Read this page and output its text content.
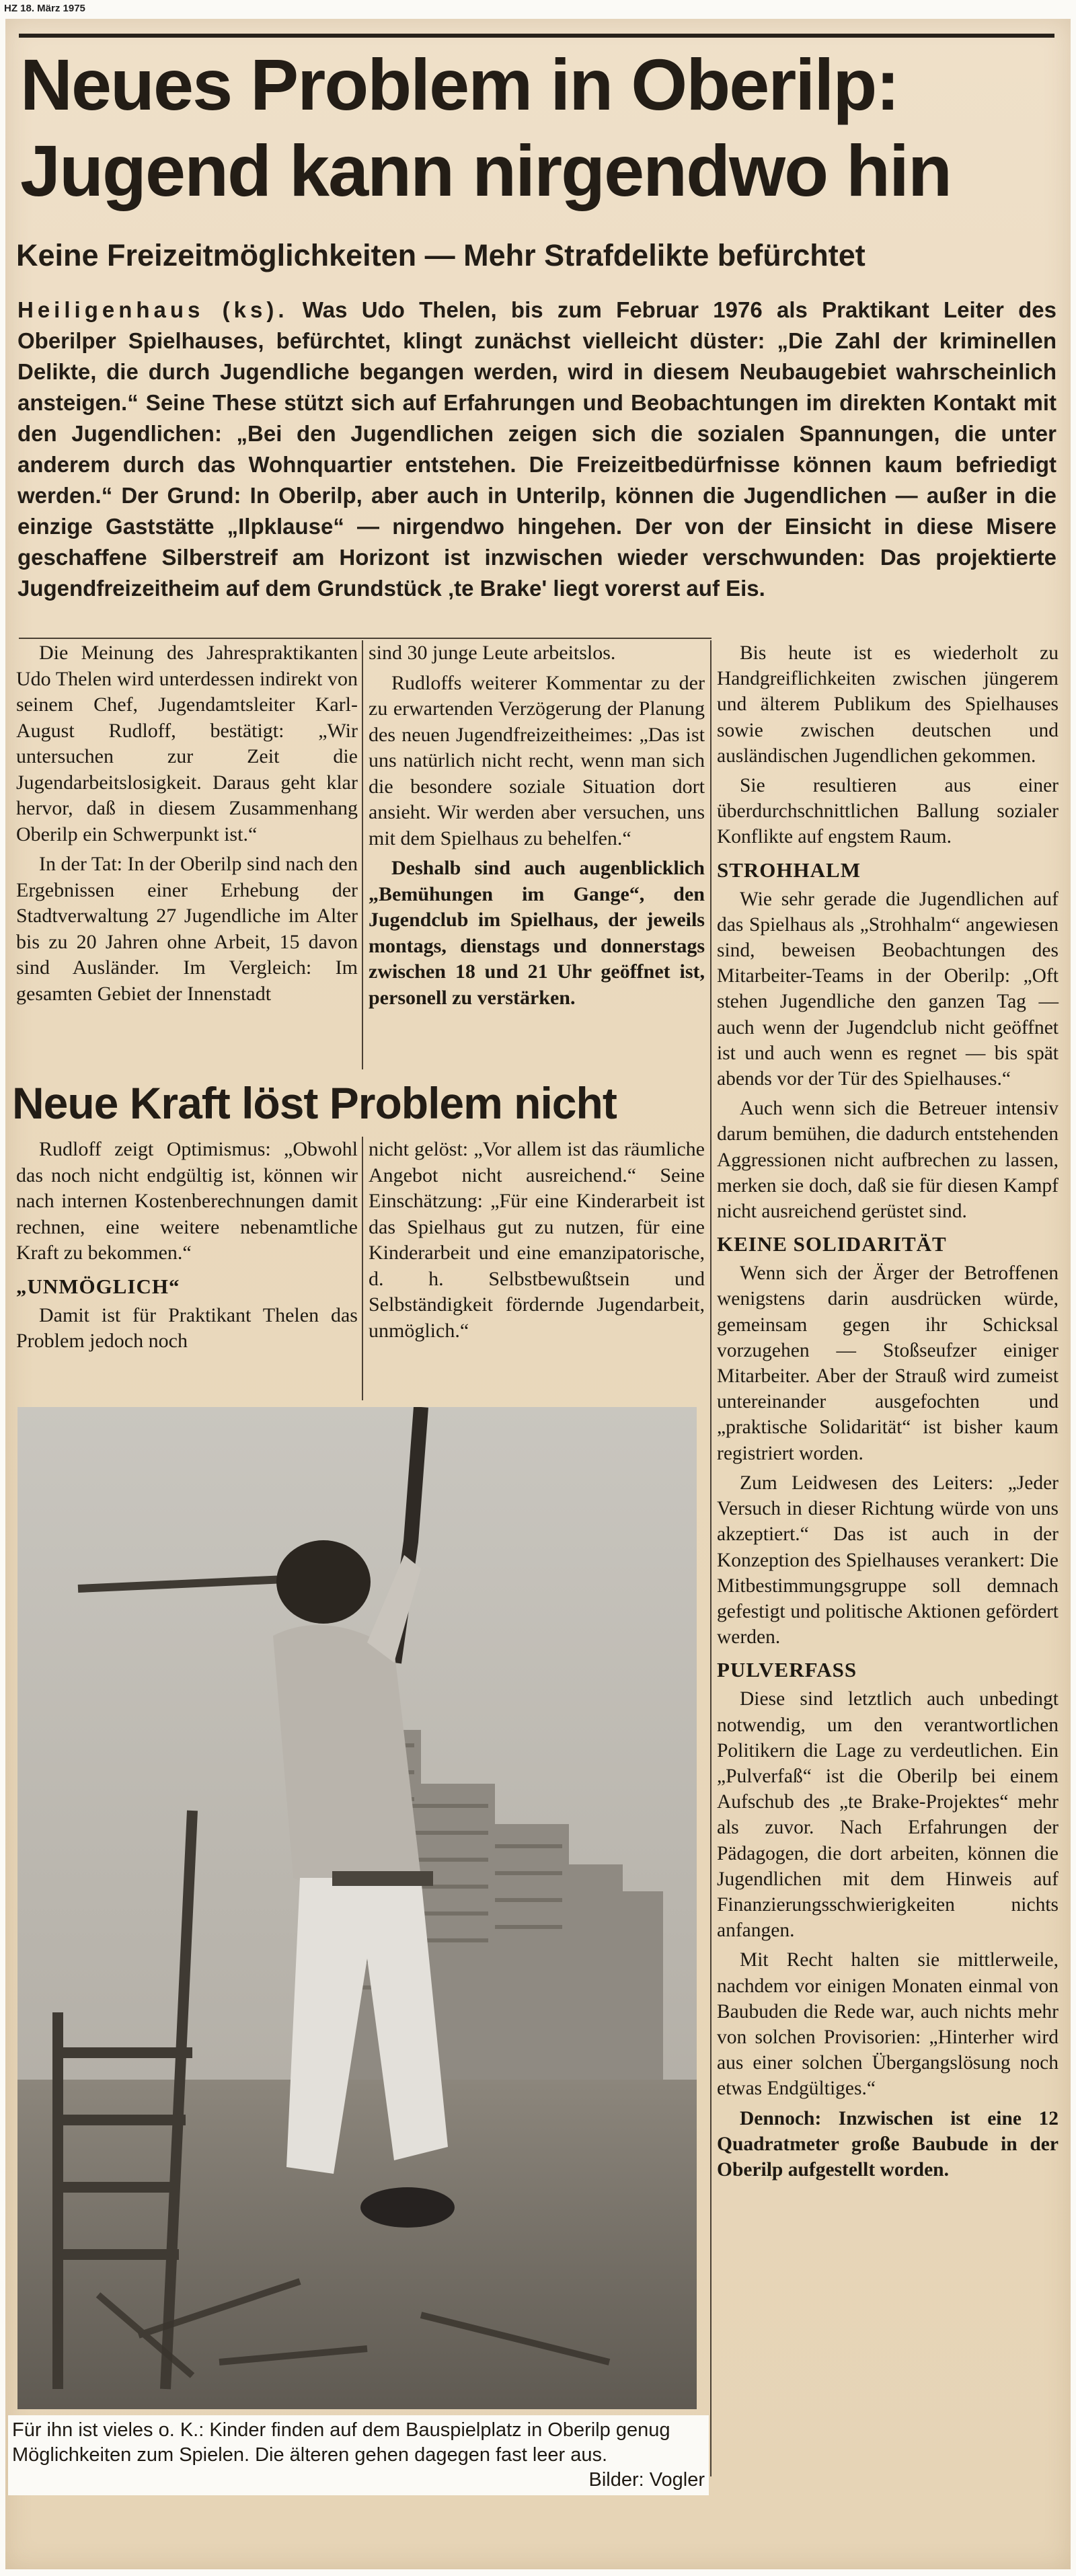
HZ 18. März 1975
Neues Problem in Oberilp:
Jugend kann nirgendwo hin
Keine Freizeitmöglichkeiten — Mehr Strafdelikte befürchtet

Heiligenhaus (ks). Was Udo Thelen, bis zum Februar 1976 als Praktikant Leiter des Oberilper Spielhauses, befürchtet, klingt zunächst vielleicht düster: „Die Zahl der kriminellen Delikte, die durch Jugendliche begangen werden, wird in diesem Neubaugebiet wahrscheinlich ansteigen.“ Seine These stützt sich auf Erfahrungen und Beobachtungen im direkten Kontakt mit den Jugendlichen: „Bei den Jugendlichen zeigen sich die sozialen Spannungen, die unter anderem durch das Wohnquartier entstehen. Die Freizeitbedürfnisse können kaum befriedigt werden.“ Der Grund: In Oberilp, aber auch in Unterilp, können die Jugendlichen — außer in die einzige Gaststätte „Ilpklause“ — nirgendwo hingehen. Der von der Einsicht in diese Misere geschaffene Silberstreif am Horizont ist inzwischen wieder verschwunden: Das projektierte Jugendfreizeitheim auf dem Grundstück ‚te Brake' liegt vorerst auf Eis.

Die Meinung des Jahrespraktikanten Udo Thelen wird unterdessen indirekt von seinem Chef, Jugendamtsleiter Karl-August Rudloff, bestätigt: „Wir untersuchen zur Zeit die Jugendarbeitslosigkeit. Daraus geht klar hervor, daß in diesem Zusammenhang Oberilp ein Schwerpunkt ist.“

In der Tat: In der Oberilp sind nach den Ergebnissen einer Erhebung der Stadtverwaltung 27 Jugendliche im Alter bis zu 20 Jahren ohne Arbeit, 15 davon sind Ausländer. Im Vergleich: Im gesamten Gebiet der Innenstadt

sind 30 junge Leute arbeitslos.

Rudloffs weiterer Kommentar zu der zu erwartenden Verzögerung der Planung des neuen Jugendfreizeitheimes: „Das ist uns natürlich nicht recht, wenn man sich die besondere soziale Situation dort ansieht. Wir werden aber versuchen, uns mit dem Spielhaus zu behelfen.“

Deshalb sind auch augenblicklich „Bemühungen im Gange“, den Jugendclub im Spielhaus, der jeweils montags, dienstags und donnerstags zwischen 18 und 21 Uhr geöffnet ist, personell zu verstärken.

Neue Kraft löst Problem nicht

Rudloff zeigt Optimismus: „Obwohl das noch nicht endgültig ist, können wir nach internen Kostenberechnungen damit rechnen, eine weitere nebenamtliche Kraft zu bekommen.“

„UNMÖGLICH“

Damit ist für Praktikant Thelen das Problem jedoch noch

nicht gelöst: „Vor allem ist das räumliche Angebot nicht ausreichend.“ Seine Einschätzung: „Für eine Kinderarbeit ist das Spielhaus gut zu nutzen, für eine Kinderarbeit und eine emanzipatorische, d. h. Selbstbewußtsein und Selbständigkeit fördernde Jugendarbeit, unmöglich.“

Bis heute ist es wiederholt zu Handgreiflichkeiten zwischen jüngerem und älterem Publikum des Spielhauses sowie zwischen deutschen und ausländischen Jugendlichen gekommen.

Sie resultieren aus einer überdurchschnittlichen Ballung sozialer Konflikte auf engstem Raum.

STROHHALM

Wie sehr gerade die Jugendlichen auf das Spielhaus als „Strohhalm“ angewiesen sind, beweisen Beobachtungen des Mitarbeiter-Teams in der Oberilp: „Oft stehen Jugendliche den ganzen Tag — auch wenn der Jugendclub nicht geöffnet ist und auch wenn es regnet — bis spät abends vor der Tür des Spielhauses.“

Auch wenn sich die Betreuer intensiv darum bemühen, die dadurch entstehenden Aggressionen nicht aufbrechen zu lassen, merken sie doch, daß sie für diesen Kampf nicht ausreichend gerüstet sind.

KEINE SOLIDARITÄT

Wenn sich der Ärger der Betroffenen wenigstens darin ausdrücken würde, gemeinsam gegen ihr Schicksal vorzugehen — Stoßseufzer einiger Mitarbeiter. Aber der Strauß wird zumeist untereinander ausgefochten und „praktische Solidarität“ ist bisher kaum registriert worden.

Zum Leidwesen des Leiters: „Jeder Versuch in dieser Richtung würde von uns akzeptiert.“ Das ist auch in der Konzeption des Spielhauses verankert: Die Mitbestimmungsgruppe soll demnach gefestigt und politische Aktionen gefördert werden.

PULVERFASS

Diese sind letztlich auch unbedingt notwendig, um den verantwortlichen Politikern die Lage zu verdeutlichen. Ein „Pulverfaß“ ist die Oberilp bei einem Aufschub des „te Brake-Projektes“ mehr als zuvor. Nach Erfahrungen der Pädagogen, die dort arbeiten, können die Jugendlichen mit dem Hinweis auf Finanzierungsschwierigkeiten nichts anfangen.

Mit Recht halten sie mittlerweile, nachdem vor einigen Monaten einmal von Baubuden die Rede war, auch nichts mehr von solchen Provisorien: „Hinterher wird aus einer solchen Übergangslösung noch etwas Endgültiges.“

Dennoch: Inzwischen ist eine 12 Quadratmeter große Baubude in der Oberilp aufgestellt worden.

Für ihn ist vieles o. K.: Kinder finden auf dem Bauspielplatz in Oberilp genug Möglichkeiten zum Spielen. Die älteren gehen dagegen fast leer aus.
Bilder: Vogler
